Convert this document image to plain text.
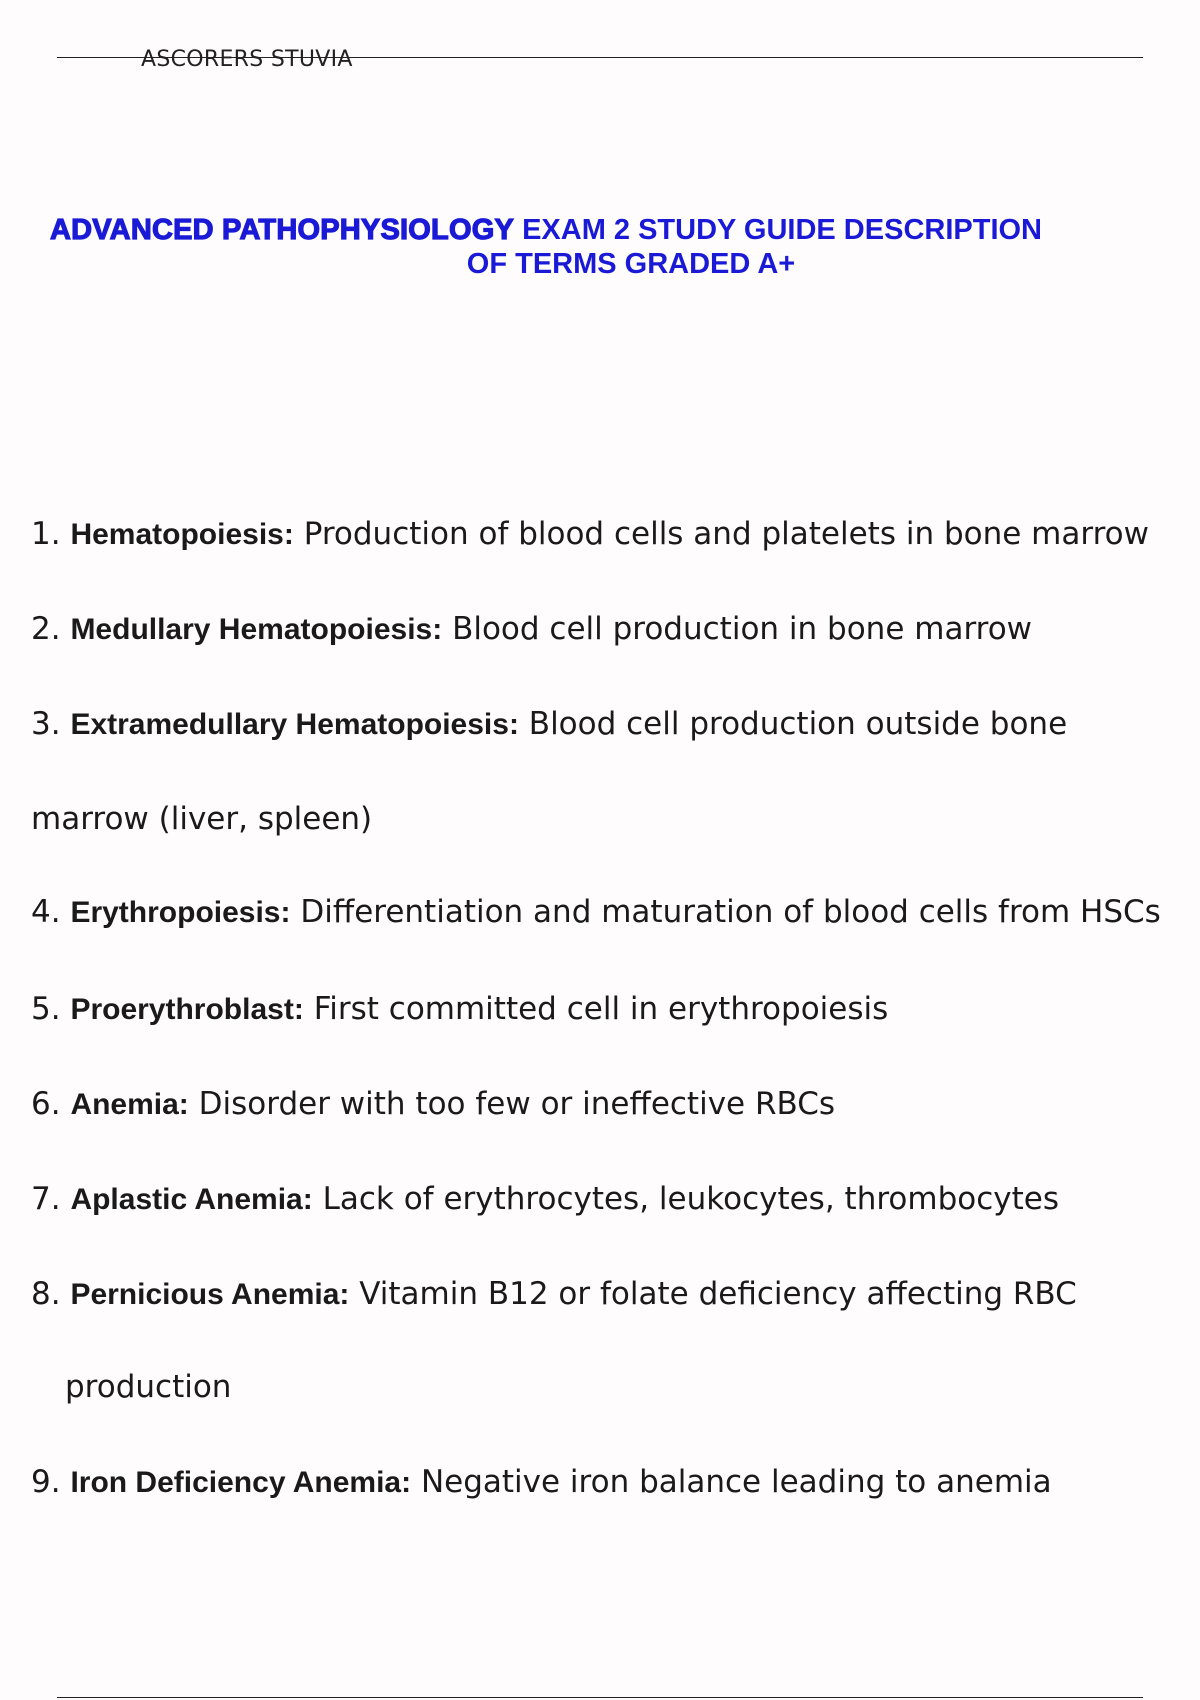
ASCORERS STUVIA
ADVANCED PATHOPHYSIOLOGY EXAM 2 STUDY GUIDE DESCRIPTION
OF TERMS GRADED A+
1. Hematopoiesis: Production of blood cells and platelets in bone marrow
2. Medullary Hematopoiesis: Blood cell production in bone marrow
3. Extramedullary Hematopoiesis: Blood cell production outside bone
marrow (liver, spleen)
4. Erythropoiesis: Differentiation and maturation of blood cells from HSCs
5. Proerythroblast: First committed cell in erythropoiesis
6. Anemia: Disorder with too few or ineffective RBCs
7. Aplastic Anemia: Lack of erythrocytes, leukocytes, thrombocytes
8. Pernicious Anemia: Vitamin B12 or folate deficiency affecting RBC
production
9. Iron Deficiency Anemia: Negative iron balance leading to anemia
